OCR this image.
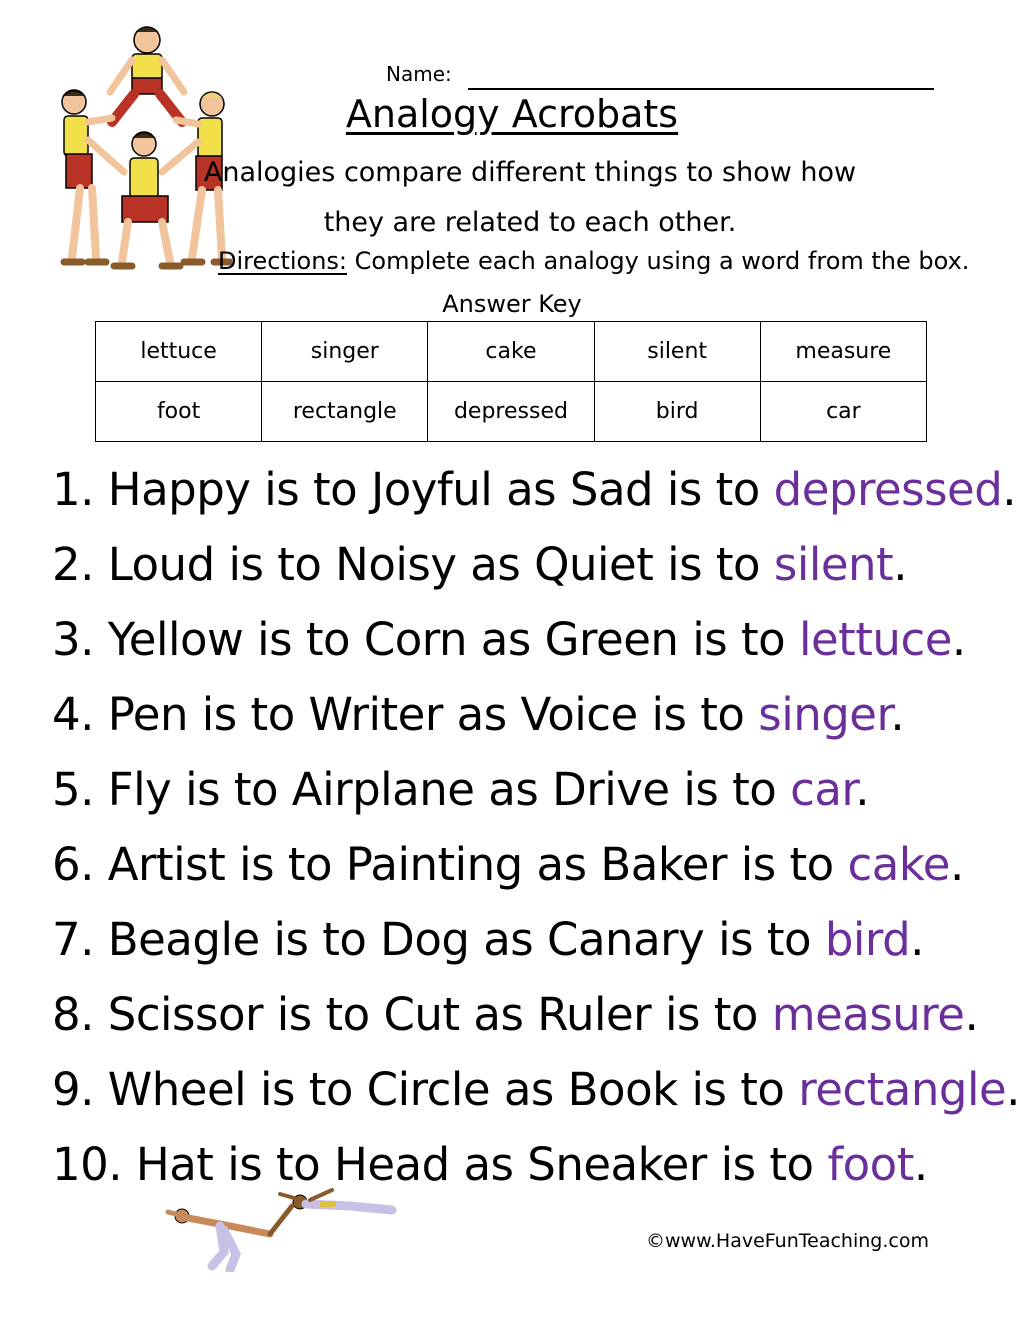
Name:
Analogy Acrobats
Analogies compare different things to show how
they are related to each other.
Directions: Complete each analogy using a word from the box.
Answer Key
lettuce	singer	cake	silent	measure
foot	rectangle	depressed	bird	car
1. Happy is to Joyful as Sad is to depressed.
2. Loud is to Noisy as Quiet is to silent.
3. Yellow is to Corn as Green is to lettuce.
4. Pen is to Writer as Voice is to singer.
5. Fly is to Airplane as Drive is to car.
6. Artist is to Painting as Baker is to cake.
7. Beagle is to Dog as Canary is to bird.
8. Scissor is to Cut as Ruler is to measure.
9. Wheel is to Circle as Book is to rectangle.
10. Hat is to Head as Sneaker is to foot.
©www.HaveFunTeaching.com
